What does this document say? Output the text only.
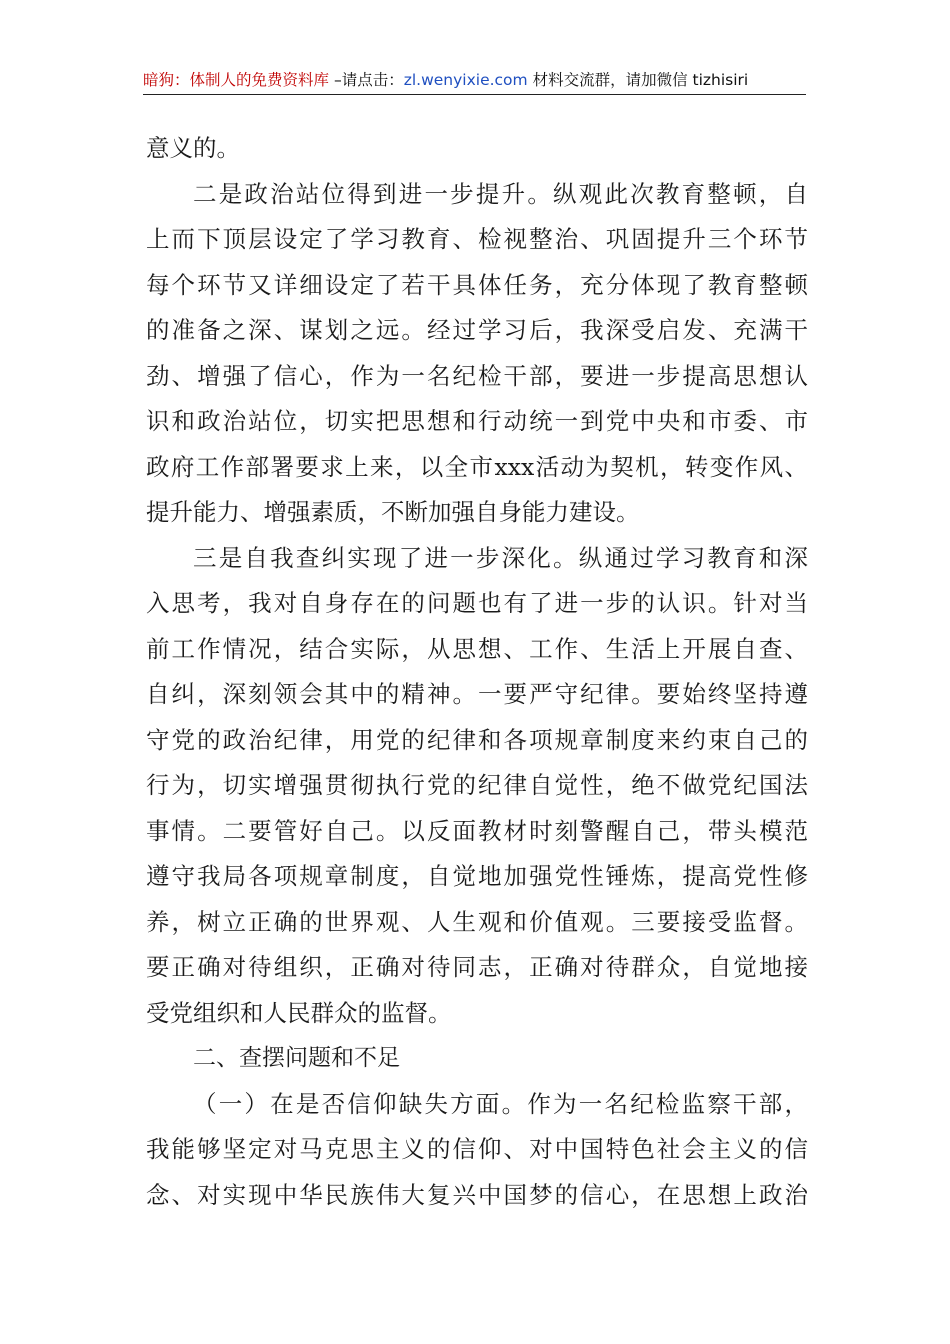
暗狗：体制人的免费资料库 –请点击：zl.wenyixie.com 材料交流群，请加微信 tizhisiri
意义的。
二是政治站位得到进一步提升。纵观此次教育整顿，自
上而下顶层设定了学习教育、检视整治、巩固提升三个环节
每个环节又详细设定了若干具体任务，充分体现了教育整顿
的准备之深、谋划之远。经过学习后，我深受启发、充满干
劲、增强了信心，作为一名纪检干部，要进一步提高思想认
识和政治站位，切实把思想和行动统一到党中央和市委、市
政府工作部署要求上来，以全市xxx活动为契机，转变作风、
提升能力、增强素质，不断加强自身能力建设。
三是自我查纠实现了进一步深化。纵通过学习教育和深
入思考，我对自身存在的问题也有了进一步的认识。针对当
前工作情况，结合实际，从思想、工作、生活上开展自查、
自纠，深刻领会其中的精神。一要严守纪律。要始终坚持遵
守党的政治纪律，用党的纪律和各项规章制度来约束自己的
行为，切实增强贯彻执行党的纪律自觉性，绝不做党纪国法
事情。二要管好自己。以反面教材时刻警醒自己，带头模范
遵守我局各项规章制度，自觉地加强党性锤炼，提高党性修
养，树立正确的世界观、人生观和价值观。三要接受监督。
要正确对待组织，正确对待同志，正确对待群众，自觉地接
受党组织和人民群众的监督。
二、查摆问题和不足
（一）在是否信仰缺失方面。作为一名纪检监察干部，
我能够坚定对马克思主义的信仰、对中国特色社会主义的信
念、对实现中华民族伟大复兴中国梦的信心，在思想上政治
